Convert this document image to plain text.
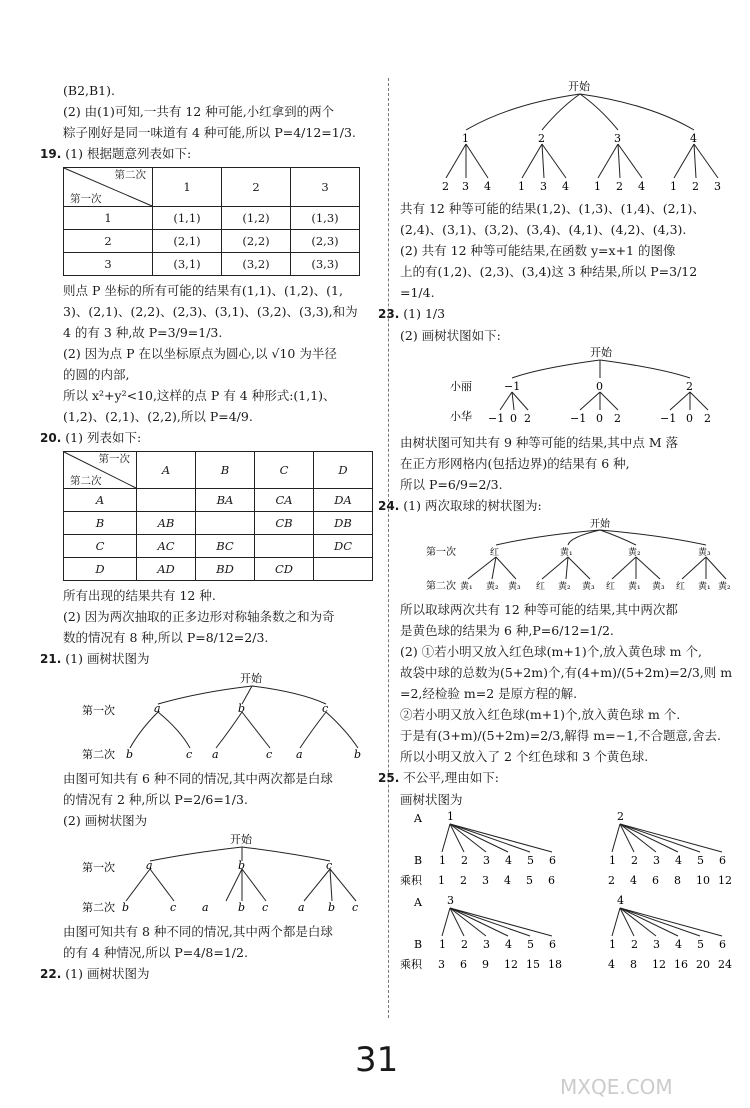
(B2,B1).
(2) 由(1)可知,一共有 12 种可能,小红拿到的两个
粽子刚好是同一味道有 4 种可能,所以 P=4/12=1/3.
19. (1) 根据题意列表如下:
第二次
第一次	1	2	3
1	(1,1)	(1,2)	(1,3)
2	(2,1)	(2,2)	(2,3)
3	(3,1)	(3,2)	(3,3)
则点 P 坐标的所有可能的结果有(1,1)、(1,2)、(1,
3)、(2,1)、(2,2)、(2,3)、(3,1)、(3,2)、(3,3),和为
4 的有 3 种,故 P=3/9=1/3.
(2) 因为点 P 在以坐标原点为圆心,以 √10 为半径
的圆的内部,
所以 x²+y²<10,这样的点 P 有 4 种形式:(1,1)、
(1,2)、(2,1)、(2,2),所以 P=4/9.
20. (1) 列表如下:
第一次
第二次	A	B	C	D
A		BA	CA	DA
B	AB		CB	DB
C	AC	BC		DC
D	AD	BD	CD	
所有出现的结果共有 12 种.
(2) 因为两次抽取的正多边形对称轴条数之和为奇
数的情况有 8 种,所以 P=8/12=2/3.
21. (1) 画树状图为
开始
第一次
第二次
a	b	c
b	c a	c a	b
由图可知共有 6 种不同的情况,其中两次都是白球
的情况有 2 种,所以 P=2/6=1/3.
(2) 画树状图为
开始
第一次
第二次
a	b	c
b	c a	b c	a b c
由图可知共有 8 种不同的情况,其中两个都是白球
的有 4 种情况,所以 P=4/8=1/2.
22. (1) 画树状图为
开始
1	2	3	4
2 3 4 1 3 4 1 2 4 1 2 3
共有 12 种等可能的结果(1,2)、(1,3)、(1,4)、(2,1)、
(2,4)、(3,1)、(3,2)、(3,4)、(4,1)、(4,2)、(4,3).
(2) 共有 12 种等可能结果,在函数 y=x+1 的图像
上的有(1,2)、(2,3)、(3,4)这 3 种结果,所以 P=3/12
=1/4.
23. (1) 1/3
(2) 画树状图如下:
开始
小丽
小华
−1	0	2
−1 0 2	−1 0 2	−1 0 2
由树状图可知共有 9 种等可能的结果,其中点 M 落
在正方形网格内(包括边界)的结果有 6 种,
所以 P=6/9=2/3.
24. (1) 两次取球的树状图为:
开始
第一次
第二次
红	黄₁	黄₂	黄₃
黄₁ 黄₂ 黄₃ 红 黄₂ 黄₃ 红 黄₁ 黄₃ 红 黄₁ 黄₂
所以取球两次共有 12 种等可能的结果,其中两次都
是黄色球的结果为 6 种,P=6/12=1/2.
(2) ①若小明又放入红色球(m+1)个,放入黄色球 m 个,
故袋中球的总数为(5+2m)个,有(4+m)/(5+2m)=2/3,则 m
=2,经检验 m=2 是原方程的解.
②若小明又放入红色球(m+1)个,放入黄色球 m 个.
于是有(3+m)/(5+2m)=2/3,解得 m=−1,不合题意,舍去.
所以小明又放入了 2 个红色球和 3 个黄色球.
25. 不公平,理由如下:
画树状图为
A
B
乘积
1
1
1
2
2
3
3
4
4
5
5
6
6
2
1
2
2
4
3
6
4
8
5
10
6
12
A
B
乘积
3
1
3
2
6
3
9
4
12
5
15
6
18
4
1
4
2
8
3
12
4
16
5
20
6
24
31
MXQE.COM
